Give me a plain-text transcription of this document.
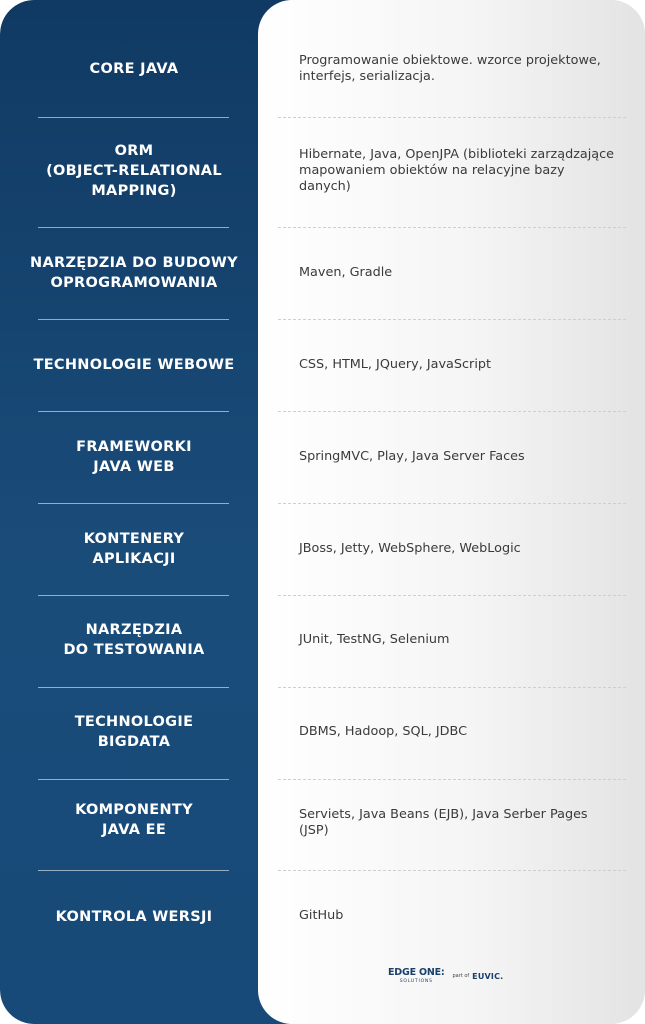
CORE JAVA
Programowanie obiektowe. wzorce projektowe, interfejs, serializacja.
ORM
(OBJECT-RELATIONAL
MAPPING)
Hibernate, Java, OpenJPA (biblioteki zarządzające mapowaniem obiektów na relacyjne bazy danych)
NARZĘDZIA DO BUDOWY
OPROGRAMOWANIA
Maven, Gradle
TECHNOLOGIE WEBOWE	CSS, HTML, JQuery, JavaScript
FRAMEWORKI
JAVA WEB
SpringMVC, Play, Java Server Faces
KONTENERY
APLIKACJI
JBoss, Jetty, WebSphere, WebLogic
NARZĘDZIA
DO TESTOWANIA
JUnit, TestNG, Selenium
TECHNOLOGIE
BIGDATA
DBMS, Hadoop, SQL, JDBC
KOMPONENTY
JAVA EE
Serviets, Java Beans (EJB), Java Serber Pages (JSP)
KONTROLA WERSJI	GitHub
EDGE ONE:
SOLUTIONS
part of EUVIC.
